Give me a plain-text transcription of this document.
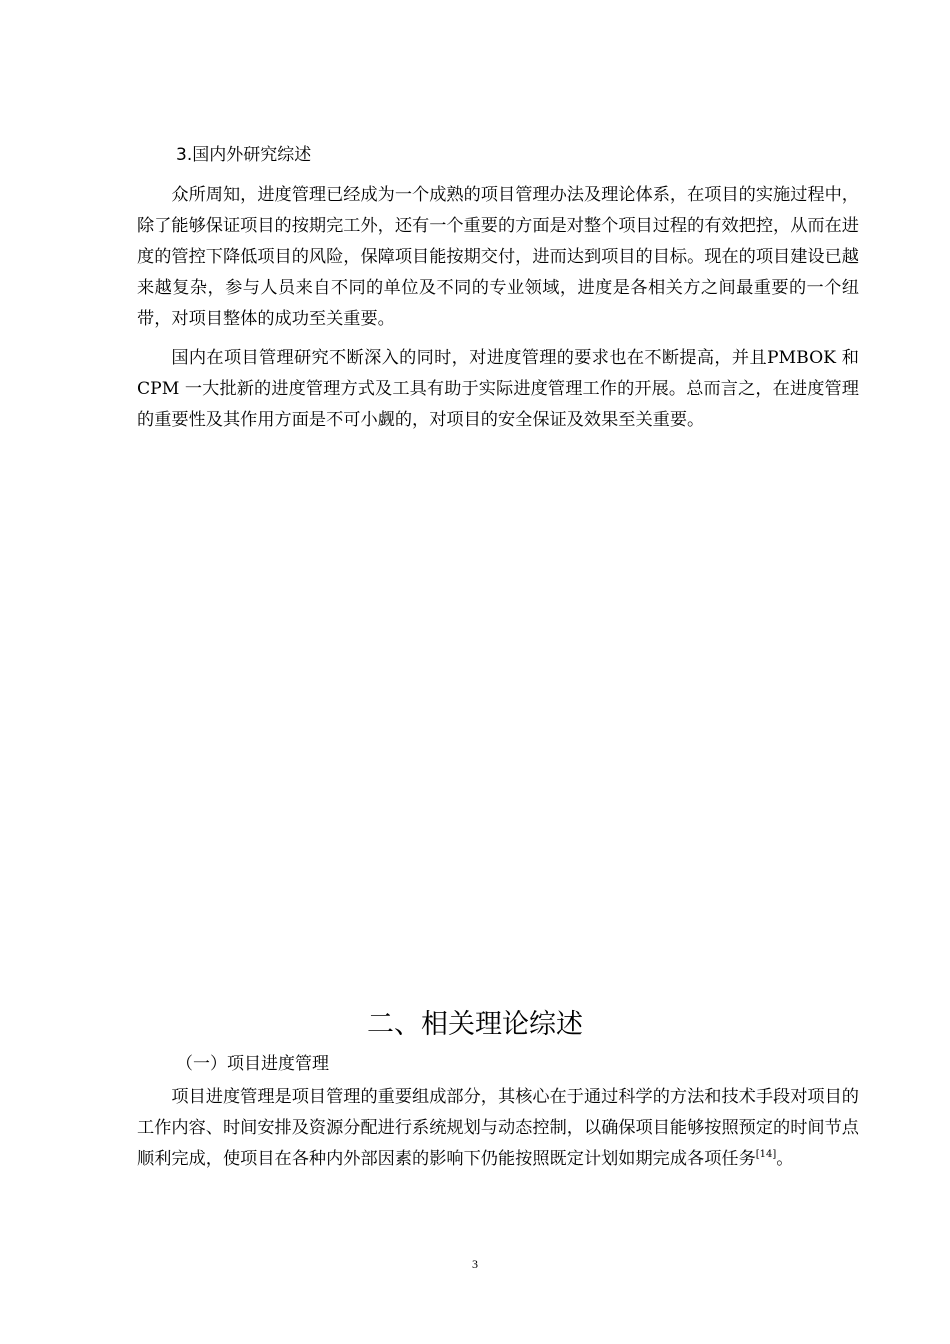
3.国内外研究综述

众所周知，进度管理已经成为一个成熟的项目管理办法及理论体系，在项目的实施过程中，除了能够保证项目的按期完工外，还有一个重要的方面是对整个项目过程的有效把控，从而在进度的管控下降低项目的风险，保障项目能按期交付，进而达到项目的目标。现在的项目建设已越来越复杂，参与人员来自不同的单位及不同的专业领域，进度是各相关方之间最重要的一个纽带，对项目整体的成功至关重要。

国内在项目管理研究不断深入的同时，对进度管理的要求也在不断提高，并且PMBOK 和 CPM 一大批新的进度管理方式及工具有助于实际进度管理工作的开展。总而言之，在进度管理的重要性及其作用方面是不可小觑的，对项目的安全保证及效果至关重要。

二、相关理论综述
（一）项目进度管理

项目进度管理是项目管理的重要组成部分，其核心在于通过科学的方法和技术手段对项目的工作内容、时间安排及资源分配进行系统规划与动态控制，以确保项目能够按照预定的时间节点顺利完成，使项目在各种内外部因素的影响下仍能按照既定计划如期完成各项任务[14]。

3
